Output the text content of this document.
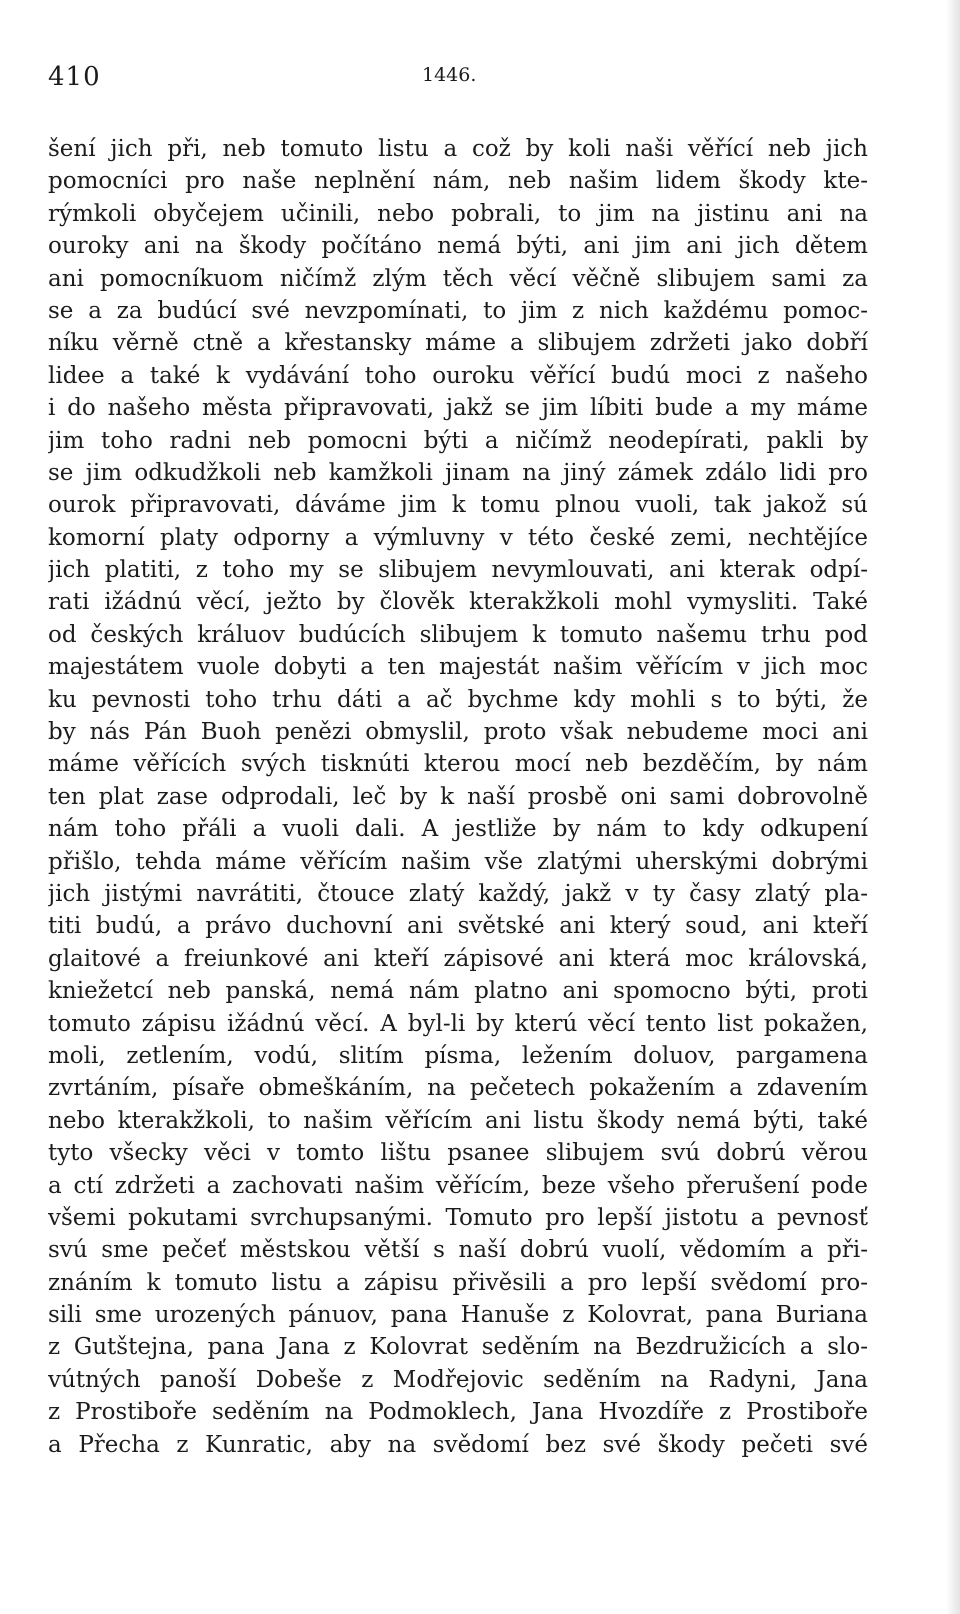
410	1446.
šení jich při, neb tomuto listu a což by koli naši věřící neb jich
pomocníci pro naše neplnění nám, neb našim lidem škody kte-
rýmkoli obyčejem učinili, nebo pobrali, to jim na jistinu ani na
ouroky ani na škody počítáno nemá býti, ani jim ani jich dětem
ani pomocníkuom ničímž zlým těch věcí věčně slibujem sami za
se a za budúcí své nevzpomínati, to jim z nich každému pomoc-
níku věrně ctně a křestansky máme a slibujem zdržeti jako dobří
lidee a také k vydávání toho ouroku věřící budú moci z našeho
i do našeho města připravovati, jakž se jim líbiti bude a my máme
jim toho radni neb pomocni býti a ničímž neodepírati, pakli by
se jim odkudžkoli neb kamžkoli jinam na jiný zámek zdálo lidi pro
ourok připravovati, dáváme jim k tomu plnou vuoli, tak jakož sú
komorní platy odporny a výmluvny v této české zemi, nechtějíce
jich platiti, z toho my se slibujem nevymlouvati, ani kterak odpí-
rati ižádnú věcí, ježto by člověk kterakžkoli mohl vymysliti. Také
od českých králuov budúcích slibujem k tomuto našemu trhu pod
majestátem vuole dobyti a ten majestát našim věřícím v jich moc
ku pevnosti toho trhu dáti a ač bychme kdy mohli s to býti, že
by nás Pán Buoh penězi obmyslil, proto však nebudeme moci ani
máme věřících svých tisknúti kterou mocí neb bezděčím, by nám
ten plat zase odprodali, leč by k naší prosbě oni sami dobrovolně
nám toho přáli a vuoli dali. A jestliže by nám to kdy odkupení
přišlo, tehda máme věřícím našim vše zlatými uherskými dobrými
jich jistými navrátiti, čtouce zlatý každý, jakž v ty časy zlatý pla-
titi budú, a právo duchovní ani světské ani který soud, ani kteří
glaitové a freiunkové ani kteří zápisové ani která moc královská,
kniežetcí neb panská, nemá nám platno ani spomocno býti, proti
tomuto zápisu ižádnú věcí. A byl-li by kterú věcí tento list pokažen,
moli, zetlením, vodú, slitím písma, ležením doluov, pargamena
zvrtáním, písaře obmeškáním, na pečetech pokažením a zdavením
nebo kterakžkoli, to našim věřícím ani listu škody nemá býti, také
tyto všecky věci v tomto lištu psanee slibujem svú dobrú věrou
a ctí zdržeti a zachovati našim věřícím, beze všeho přerušení pode
všemi pokutami svrchupsanými. Tomuto pro lepší jistotu a pevnosť
svú sme pečeť městskou větší s naší dobrú vuolí, vědomím a při-
znáním k tomuto listu a zápisu přivěsili a pro lepší svědomí pro-
sili sme urozených pánuov, pana Hanuše z Kolovrat, pana Buriana
z Gutštejna, pana Jana z Kolovrat seděním na Bezdružicích a slo-
vútných panoší Dobeše z Modřejovic seděním na Radyni, Jana
z Prostiboře seděním na Podmoklech, Jana Hvozdíře z Prostiboře
a Přecha z Kunratic, aby na svědomí bez své škody pečeti své
